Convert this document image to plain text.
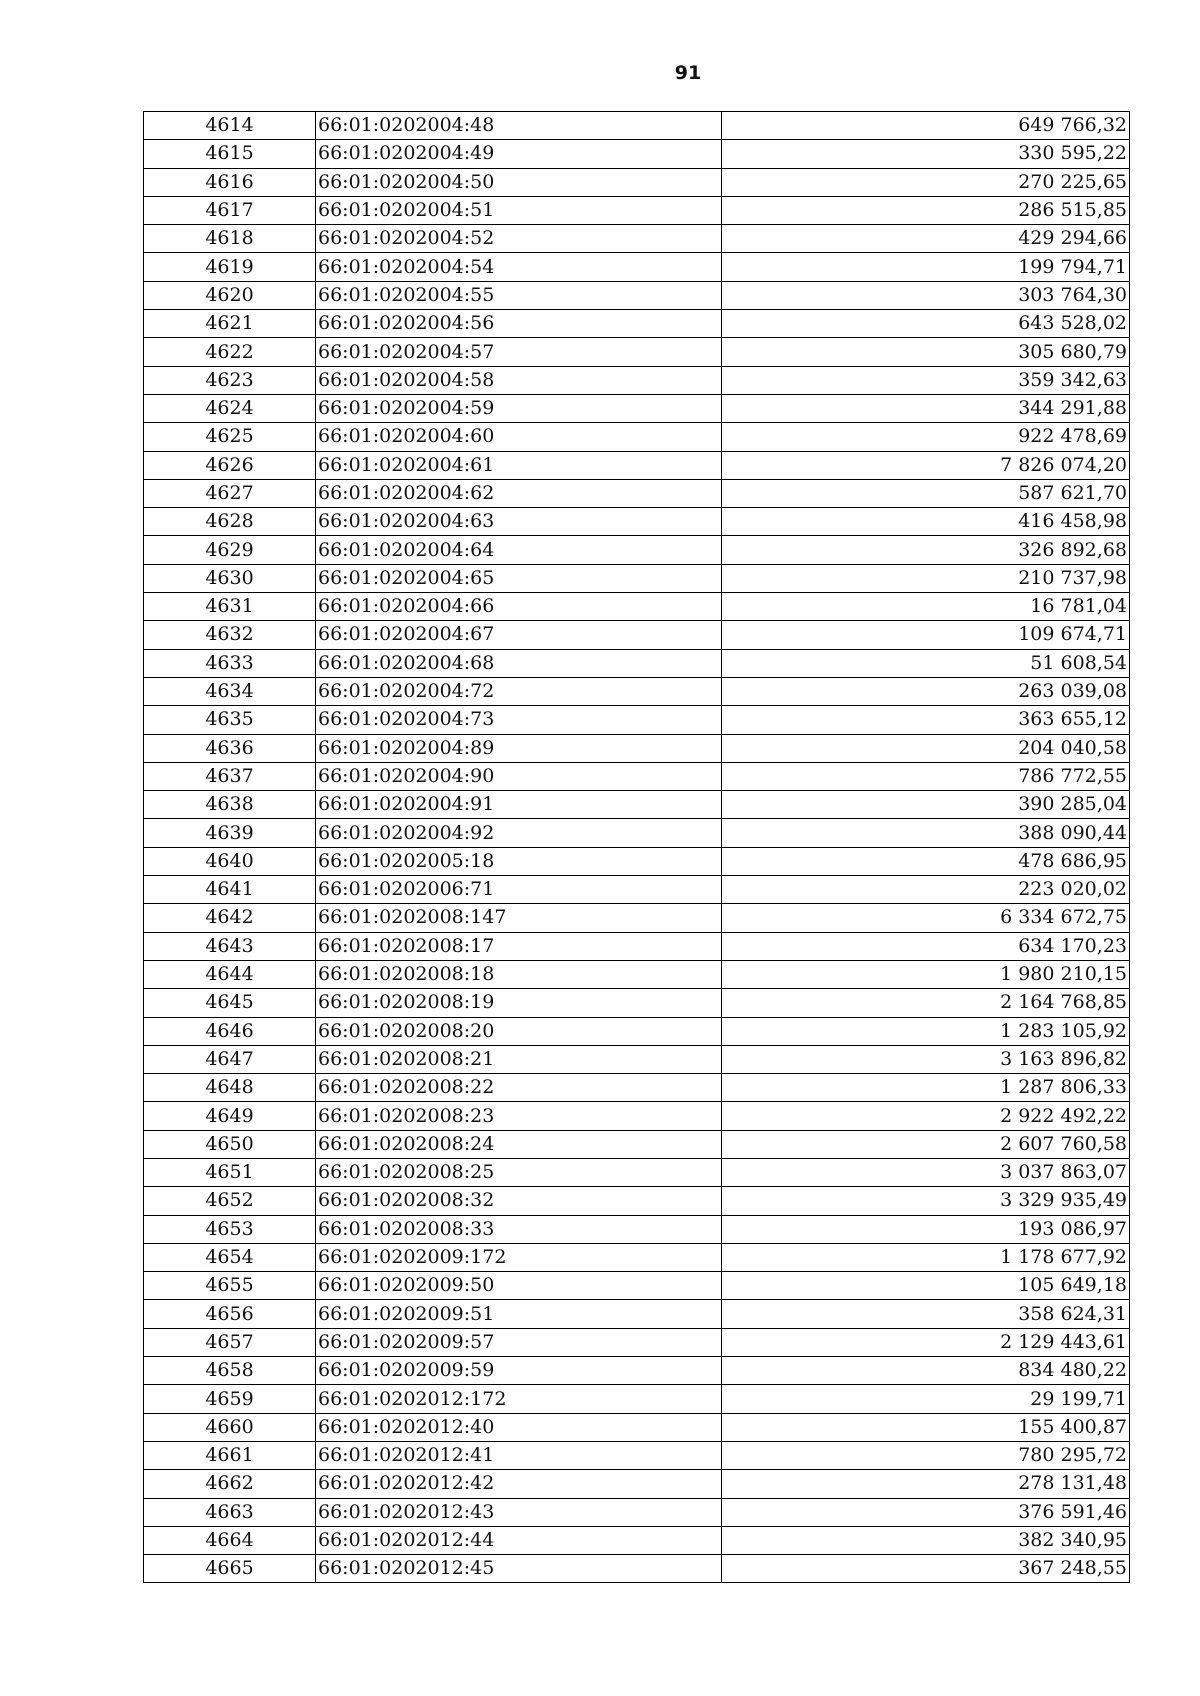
91
4614	66:01:0202004:48	649 766,32
4615	66:01:0202004:49	330 595,22
4616	66:01:0202004:50	270 225,65
4617	66:01:0202004:51	286 515,85
4618	66:01:0202004:52	429 294,66
4619	66:01:0202004:54	199 794,71
4620	66:01:0202004:55	303 764,30
4621	66:01:0202004:56	643 528,02
4622	66:01:0202004:57	305 680,79
4623	66:01:0202004:58	359 342,63
4624	66:01:0202004:59	344 291,88
4625	66:01:0202004:60	922 478,69
4626	66:01:0202004:61	7 826 074,20
4627	66:01:0202004:62	587 621,70
4628	66:01:0202004:63	416 458,98
4629	66:01:0202004:64	326 892,68
4630	66:01:0202004:65	210 737,98
4631	66:01:0202004:66	16 781,04
4632	66:01:0202004:67	109 674,71
4633	66:01:0202004:68	51 608,54
4634	66:01:0202004:72	263 039,08
4635	66:01:0202004:73	363 655,12
4636	66:01:0202004:89	204 040,58
4637	66:01:0202004:90	786 772,55
4638	66:01:0202004:91	390 285,04
4639	66:01:0202004:92	388 090,44
4640	66:01:0202005:18	478 686,95
4641	66:01:0202006:71	223 020,02
4642	66:01:0202008:147	6 334 672,75
4643	66:01:0202008:17	634 170,23
4644	66:01:0202008:18	1 980 210,15
4645	66:01:0202008:19	2 164 768,85
4646	66:01:0202008:20	1 283 105,92
4647	66:01:0202008:21	3 163 896,82
4648	66:01:0202008:22	1 287 806,33
4649	66:01:0202008:23	2 922 492,22
4650	66:01:0202008:24	2 607 760,58
4651	66:01:0202008:25	3 037 863,07
4652	66:01:0202008:32	3 329 935,49
4653	66:01:0202008:33	193 086,97
4654	66:01:0202009:172	1 178 677,92
4655	66:01:0202009:50	105 649,18
4656	66:01:0202009:51	358 624,31
4657	66:01:0202009:57	2 129 443,61
4658	66:01:0202009:59	834 480,22
4659	66:01:0202012:172	29 199,71
4660	66:01:0202012:40	155 400,87
4661	66:01:0202012:41	780 295,72
4662	66:01:0202012:42	278 131,48
4663	66:01:0202012:43	376 591,46
4664	66:01:0202012:44	382 340,95
4665	66:01:0202012:45	367 248,55
